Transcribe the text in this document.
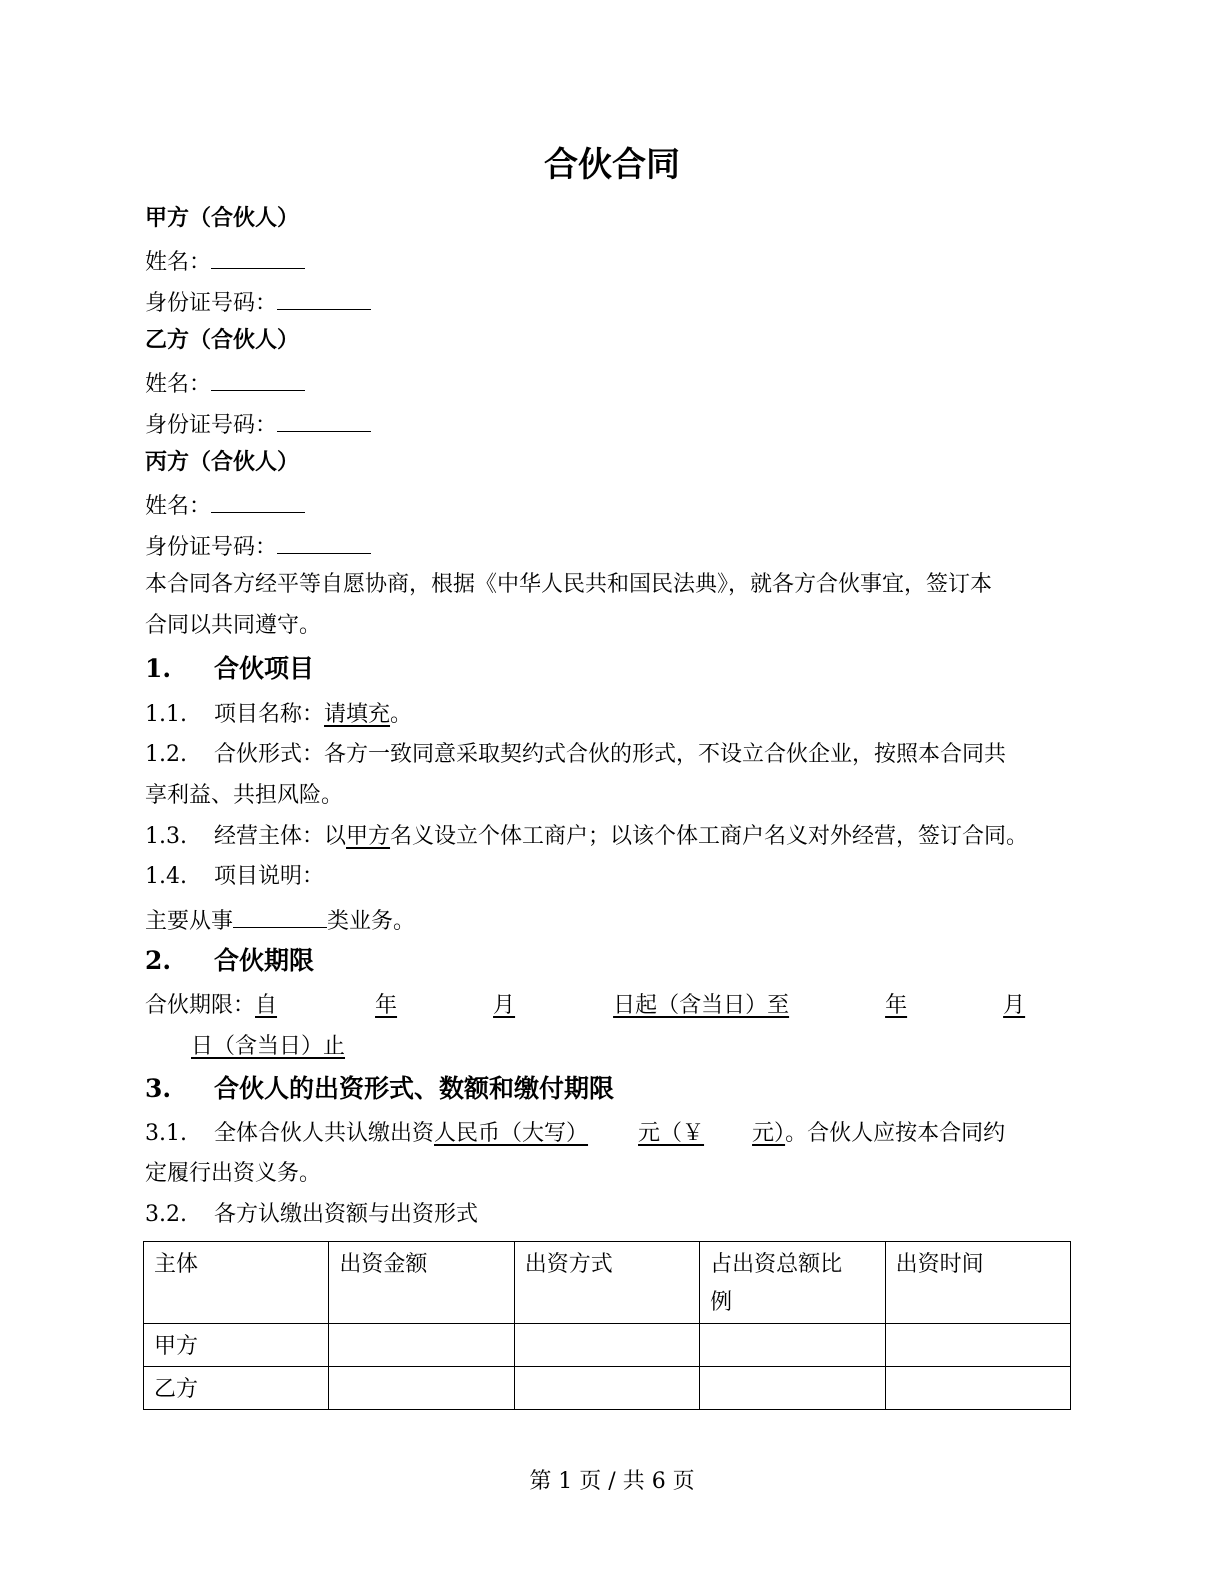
合伙合同
甲方（合伙人）
姓名：
身份证号码：
乙方（合伙人）
姓名：
身份证号码：
丙方（合伙人）
姓名：
身份证号码：
本合同各方经平等自愿协商，根据《中华人民共和国民法典》，就各方合伙事宜，签订本
合同以共同遵守。
1. 合伙项目
1.1. 项目名称：请填充。
1.2. 合伙形式：各方一致同意采取契约式合伙的形式，不设立合伙企业，按照本合同共
享利益、共担风险。
1.3. 经营主体：以甲方名义设立个体工商户；以该个体工商户名义对外经营，签订合同。
1.4. 项目说明：
主要从事	类业务。
2. 合伙期限
合伙期限：自	年	月	日起（含当日）至	年	月
日（含当日）止
3. 合伙人的出资形式、数额和缴付期限
3.1. 全体合伙人共认缴出资人民币（大写） 元（￥ 元）。合伙人应按本合同约
定履行出资义务。
3.2. 各方认缴出资额与出资形式
主体	出资金额	出资方式	占出资总额比
例	出资时间
甲方				
乙方				
第 1 页 / 共 6 页
